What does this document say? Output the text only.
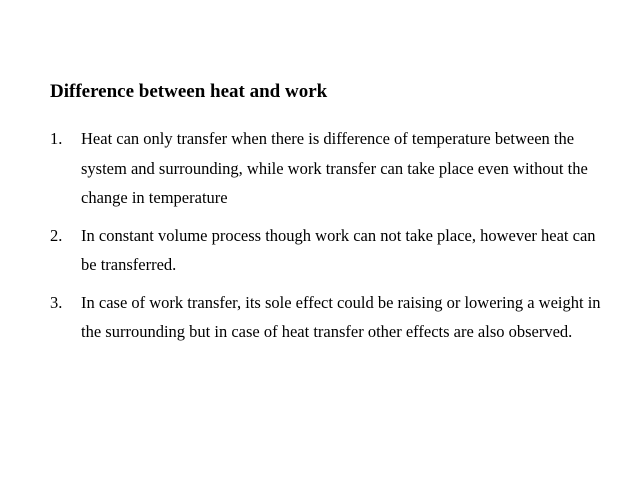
Difference between heat and work
1.	Heat can only transfer when there is difference of temperature between the system and surrounding, while work transfer can take place even without the change in temperature
2.	In constant volume process though work can not take place, however heat can be transferred.
3.	In case of work transfer, its sole effect could be raising or lowering a weight in the surrounding but in case of heat transfer other effects are also observed.
